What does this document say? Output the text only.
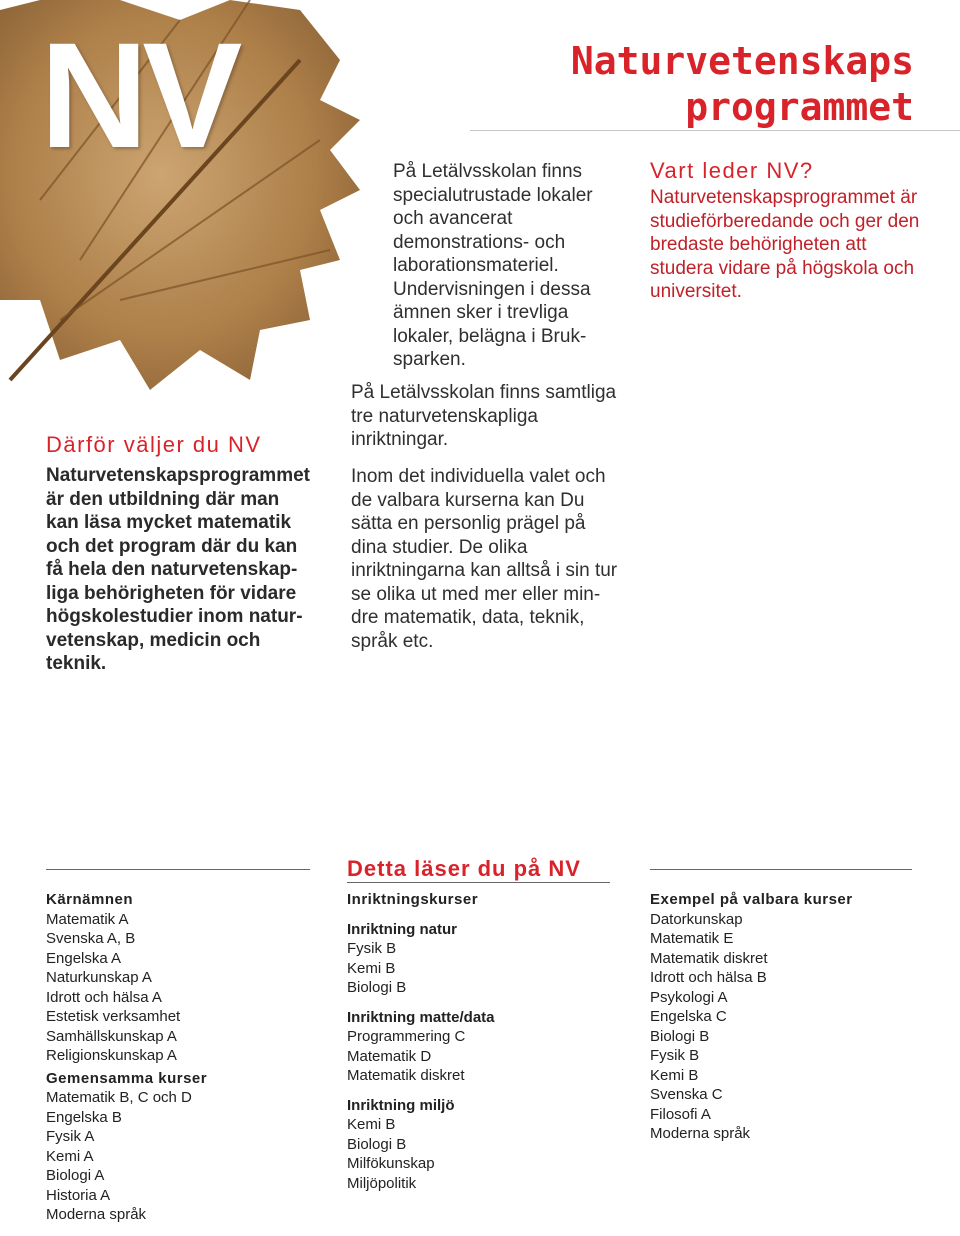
NV	Naturvetenskaps
programmet
På Letälvsskolan finns specialutrustade lokaler och avancerat demonstrations- och laborationsmateriel. Undervisningen i dessa ämnen sker i trevliga lokaler, belägna i Bruk-sparken.
På Letälvsskolan finns samtliga tre naturvetenskapliga inriktningar.
Inom det individuella valet och de valbara kurserna kan Du sätta en personlig prägel på dina studier. De olika inriktningarna kan alltså i sin tur se olika ut med mer eller min-dre matematik, data, teknik, språk etc.
Vart leder NV?
Naturvetenskapsprogrammet är studieförberedande och ger den bredaste behörigheten att studera vidare på högskola och universitet.
Därför väljer du NV
Naturvetenskapsprogrammet är den utbildning där man kan läsa mycket matematik och det program där du kan få hela den naturvetenskap-liga behörigheten för vidare högskolestudier inom natur-vetenskap, medicin och teknik.
Detta läser du på NV
Kärnämnen
Matematik A
Svenska A, B
Engelska A
Naturkunskap A
Idrott och hälsa A
Estetisk verksamhet
Samhällskunskap A
Religionskunskap A
Gemensamma kurser
Matematik B, C och D
Engelska B
Fysik A
Kemi A
Biologi A
Historia A
Moderna språk
Inriktningskurser
Inriktning natur
Fysik B
Kemi B
Biologi B
Inriktning matte/data
Programmering C
Matematik D
Matematik diskret
Inriktning miljö
Kemi B
Biologi B
Milfökunskap
Miljöpolitik
Exempel på valbara kurser
Datorkunskap
Matematik E
Matematik diskret
Idrott och hälsa B
Psykologi A
Engelska C
Biologi B
Fysik B
Kemi B
Svenska C
Filosofi A
Moderna språk
